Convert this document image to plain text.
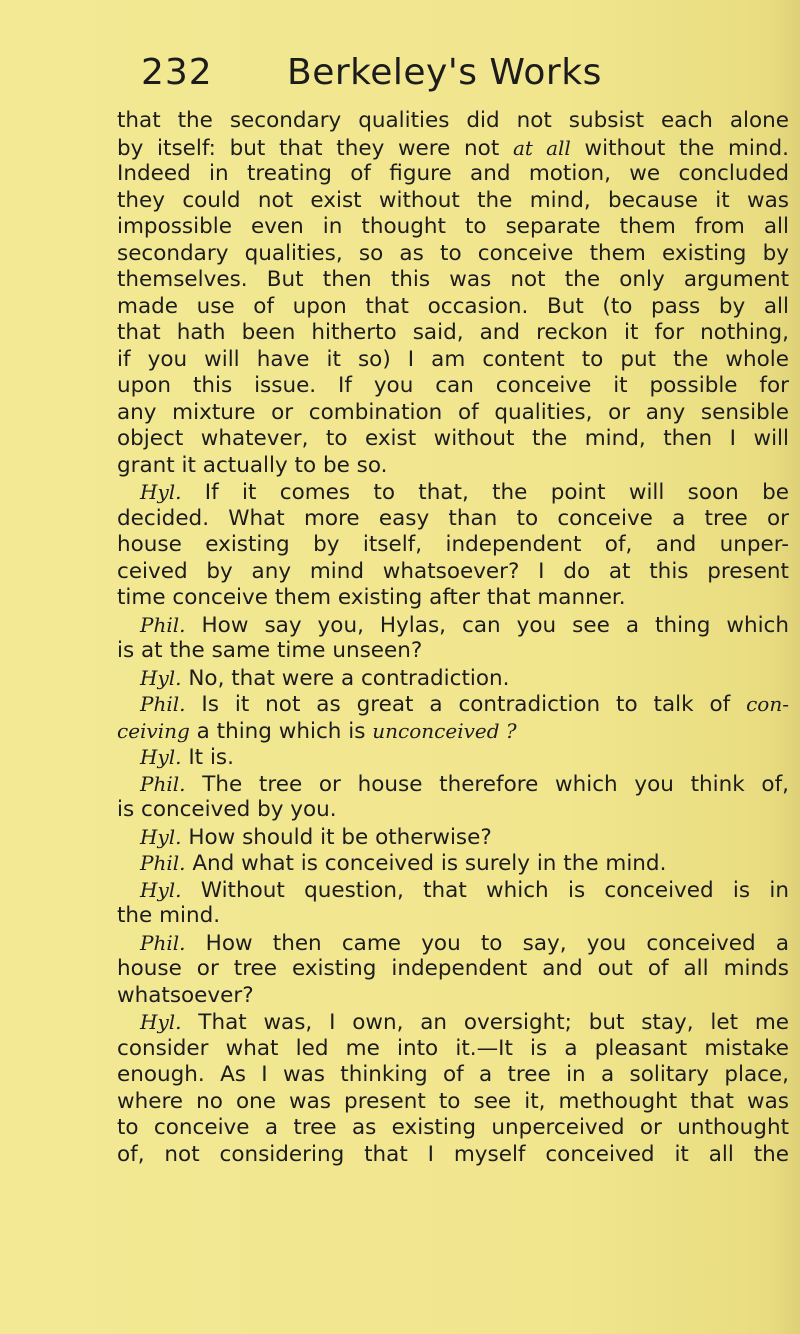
232 Berkeley's Works
that the secondary qualities did not subsist each alone
by itself: but that they were not at all without the mind.
Indeed in treating of figure and motion, we concluded
they could not exist without the mind, because it was
impossible even in thought to separate them from all
secondary qualities, so as to conceive them existing by
themselves. But then this was not the only argument
made use of upon that occasion. But (to pass by all
that hath been hitherto said, and reckon it for nothing,
if you will have it so) I am content to put the whole
upon this issue. If you can conceive it possible for
any mixture or combination of qualities, or any sensible
object whatever, to exist without the mind, then I will
grant it actually to be so.
Hyl. If it comes to that, the point will soon be
decided. What more easy than to conceive a tree or
house existing by itself, independent of, and unper-
ceived by any mind whatsoever? I do at this present
time conceive them existing after that manner.
Phil. How say you, Hylas, can you see a thing which
is at the same time unseen?
Hyl. No, that were a contradiction.
Phil. Is it not as great a contradiction to talk of con-
ceiving a thing which is unconceived ?
Hyl. It is.
Phil. The tree or house therefore which you think of,
is conceived by you.
Hyl. How should it be otherwise?
Phil. And what is conceived is surely in the mind.
Hyl. Without question, that which is conceived is in
the mind.
Phil. How then came you to say, you conceived a
house or tree existing independent and out of all minds
whatsoever?
Hyl. That was, I own, an oversight; but stay, let me
consider what led me into it.—It is a pleasant mistake
enough. As I was thinking of a tree in a solitary place,
where no one was present to see it, methought that was
to conceive a tree as existing unperceived or unthought
of, not considering that I myself conceived it all the
